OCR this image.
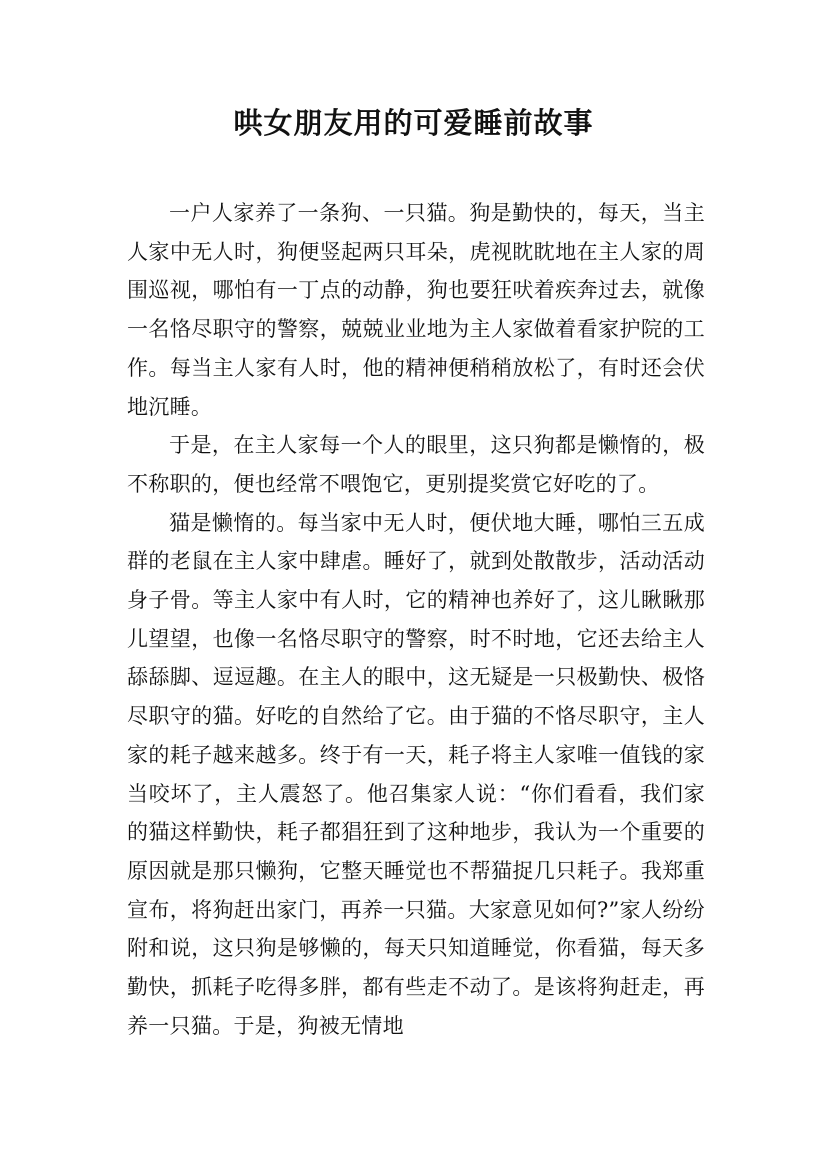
哄女朋友用的可爱睡前故事

一户人家养了一条狗、一只猫。狗是勤快的，每天，当主人家中无人时，狗便竖起两只耳朵，虎视眈眈地在主人家的周围巡视，哪怕有一丁点的动静，狗也要狂吠着疾奔过去，就像一名恪尽职守的警察，兢兢业业地为主人家做着看家护院的工作。每当主人家有人时，他的精神便稍稍放松了，有时还会伏地沉睡。

于是，在主人家每一个人的眼里，这只狗都是懒惰的，极不称职的，便也经常不喂饱它，更别提奖赏它好吃的了。

猫是懒惰的。每当家中无人时，便伏地大睡，哪怕三五成群的老鼠在主人家中肆虐。睡好了，就到处散散步，活动活动身子骨。等主人家中有人时，它的精神也养好了，这儿瞅瞅那儿望望，也像一名恪尽职守的警察，时不时地，它还去给主人舔舔脚、逗逗趣。在主人的眼中，这无疑是一只极勤快、极恪尽职守的猫。好吃的自然给了它。由于猫的不恪尽职守，主人家的耗子越来越多。终于有一天，耗子将主人家唯一值钱的家当咬坏了，主人震怒了。他召集家人说：“你们看看，我们家的猫这样勤快，耗子都猖狂到了这种地步，我认为一个重要的原因就是那只懒狗，它整天睡觉也不帮猫捉几只耗子。我郑重宣布，将狗赶出家门，再养一只猫。大家意见如何?”家人纷纷附和说，这只狗是够懒的，每天只知道睡觉，你看猫，每天多勤快，抓耗子吃得多胖，都有些走不动了。是该将狗赶走，再养一只猫。于是，狗被无情地
